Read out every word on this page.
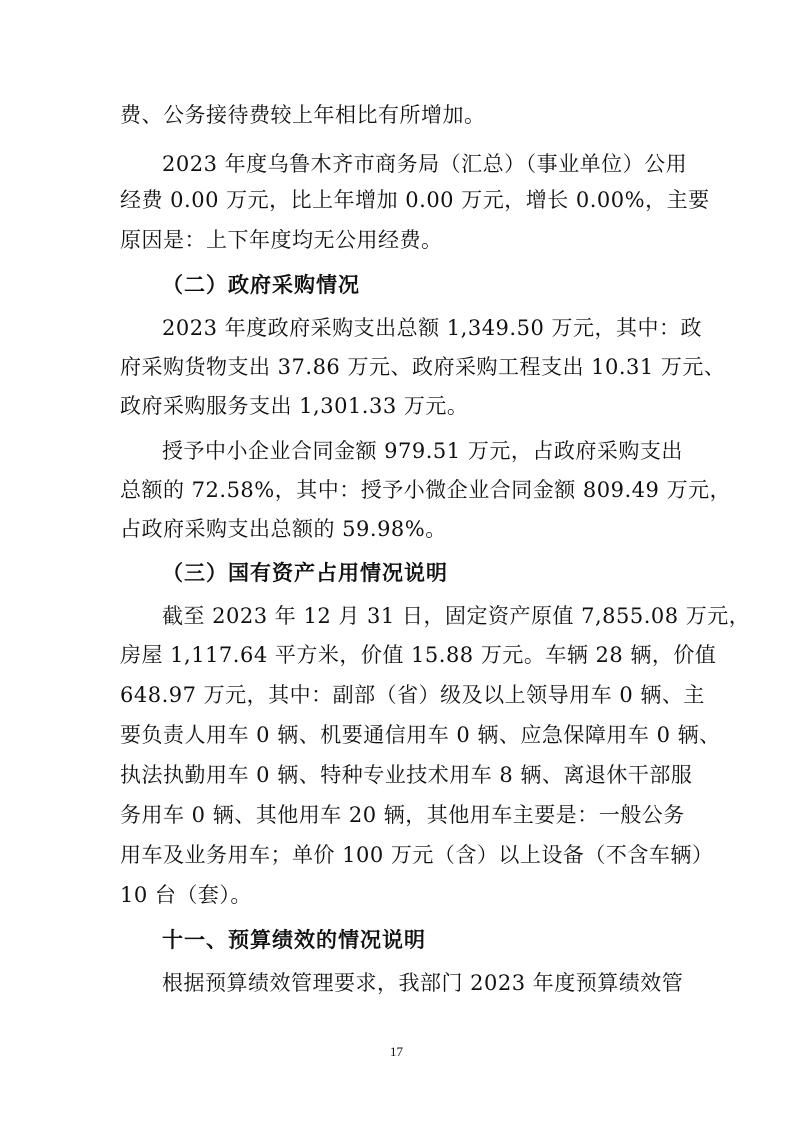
费、公务接待费较上年相比有所增加。
2023 年度乌鲁木齐市商务局（汇总）（事业单位）公用
经费 0.00 万元，比上年增加 0.00 万元，增长 0.00%，主要
原因是：上下年度均无公用经费。
（二）政府采购情况
2023 年度政府采购支出总额 1,349.50 万元，其中：政
府采购货物支出 37.86 万元、政府采购工程支出 10.31 万元、
政府采购服务支出 1,301.33 万元。
授予中小企业合同金额 979.51 万元，占政府采购支出
总额的 72.58%，其中：授予小微企业合同金额 809.49 万元，
占政府采购支出总额的 59.98%。
（三）国有资产占用情况说明
截至 2023 年 12 月 31 日，固定资产原值 7,855.08 万元，
房屋 1,117.64 平方米，价值 15.88 万元。车辆 28 辆，价值
648.97 万元，其中：副部（省）级及以上领导用车 0 辆、主
要负责人用车 0 辆、机要通信用车 0 辆、应急保障用车 0 辆、
执法执勤用车 0 辆、特种专业技术用车 8 辆、离退休干部服
务用车 0 辆、其他用车 20 辆，其他用车主要是：一般公务
用车及业务用车；单价 100 万元（含）以上设备（不含车辆）
10 台（套）。
十一、预算绩效的情况说明
根据预算绩效管理要求，我部门 2023 年度预算绩效管
17
